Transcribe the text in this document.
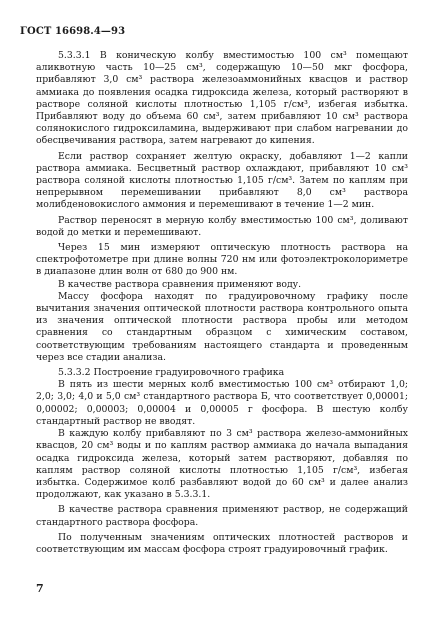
ГОСТ 16698.4—93

5.3.3.1 В коническую колбу вместимостью 100 см³ помещают аликвотную часть 10—25 см³, содержащую 10—50 мкг фосфора, прибавляют 3,0 см³ раствора железоаммонийных квасцов и раствор аммиака до появления осадка гидроксида железа, который растворяют в растворе соляной кислоты плотностью 1,105 г/см³, избегая избытка. Прибавляют воду до объема 60 см³, затем прибавляют 10 см³ раствора солянокислого гидроксиламина, выдерживают при слабом нагревании до обесцвечивания раствора, затем нагревают до кипения.

Если раствор сохраняет желтую окраску, добавляют 1—2 капли раствора аммиака. Бесцветный раствор охлаждают, прибавляют 10 см³ раствора соляной кислоты плотностью 1,105 г/см³. Затем по каплям при непрерывном перемешивании прибавляют 8,0 см³ раствора молибденовокислого аммония и перемешивают в течение 1—2 мин.

Раствор переносят в мерную колбу вместимостью 100 см³, доливают водой до метки и перемешивают.

Через 15 мин измеряют оптическую плотность раствора на спектрофотометре при длине волны 720 нм или фотоэлектроколориметре в диапазоне длин волн от 680 до 900 нм.

В качестве раствора сравнения применяют воду.

Массу фосфора находят по градуировочному графику после вычитания значения оптической плотности раствора контрольного опыта из значения оптической плотности раствора пробы или методом сравнения со стандартным образцом с химическим составом, соответствующим требованиям настоящего стандарта и проведенным через все стадии анализа.

5.3.3.2 Построение градуировочного графика

В пять из шести мерных колб вместимостью 100 см³ отбирают 1,0; 2,0; 3,0; 4,0 и 5,0 см³ стандартного раствора Б, что соответствует 0,00001; 0,00002; 0,00003; 0,00004 и 0,00005 г фосфора. В шестую колбу стандартный раствор не вводят.

В каждую колбу прибавляют по 3 см³ раствора железо-аммонийных квасцов, 20 см³ воды и по каплям раствор аммиака до начала выпадания осадка гидроксида железа, который затем растворяют, добавляя по каплям раствор соляной кислоты плотностью 1,105 г/см³, избегая избытка. Содержимое колб разбавляют водой до 60 см³ и далее анализ продолжают, как указано в 5.3.3.1.

В качестве раствора сравнения применяют раствор, не содержащий стандартного раствора фосфора.

По полученным значениям оптических плотностей растворов и соответствующим им массам фосфора строят градуировочный график.

7
